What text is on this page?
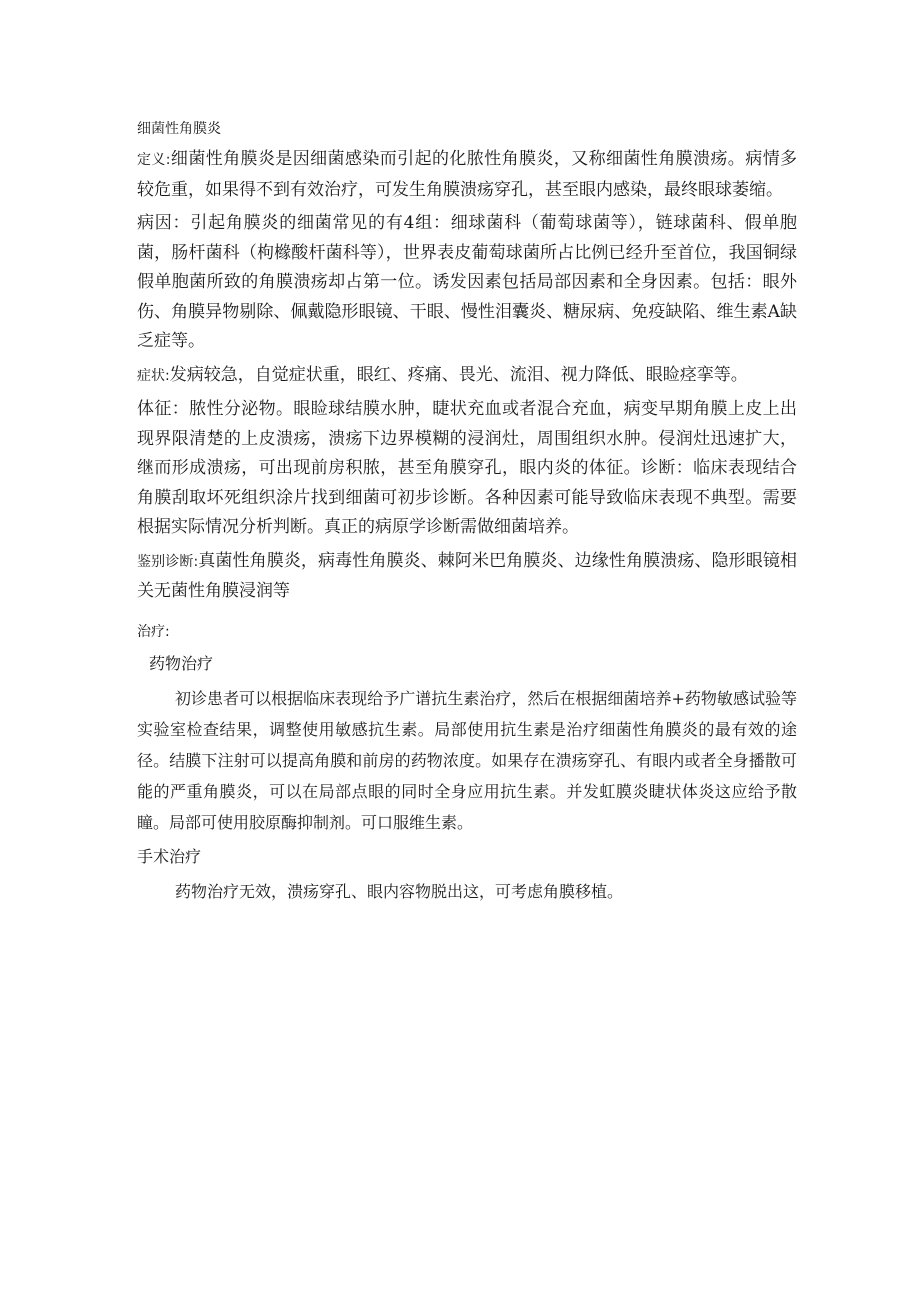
细菌性角膜炎

定义:细菌性角膜炎是因细菌感染而引起的化脓性角膜炎，又称细菌性角膜溃疡。病情多较危重，如果得不到有效治疗，可发生角膜溃疡穿孔，甚至眼内感染，最终眼球萎缩。

病因：引起角膜炎的细菌常见的有4组：细球菌科（葡萄球菌等），链球菌科、假单胞菌，肠杆菌科（枸橼酸杆菌科等），世界表皮葡萄球菌所占比例已经升至首位，我国铜绿假单胞菌所致的角膜溃疡却占第一位。诱发因素包括局部因素和全身因素。包括：眼外伤、角膜异物剔除、佩戴隐形眼镜、干眼、慢性泪囊炎、糖尿病、免疫缺陷、维生素A缺乏症等。

症状:发病较急，自觉症状重，眼红、疼痛、畏光、流泪、视力降低、眼睑痉挛等。

体征：脓性分泌物。眼睑球结膜水肿，睫状充血或者混合充血，病变早期角膜上皮上出现界限清楚的上皮溃疡，溃疡下边界模糊的浸润灶，周围组织水肿。侵润灶迅速扩大，继而形成溃疡，可出现前房积脓，甚至角膜穿孔，眼内炎的体征。诊断：临床表现结合角膜刮取坏死组织涂片找到细菌可初步诊断。各种因素可能导致临床表现不典型。需要根据实际情况分析判断。真正的病原学诊断需做细菌培养。

鉴别诊断:真菌性角膜炎，病毒性角膜炎、棘阿米巴角膜炎、边缘性角膜溃疡、隐形眼镜相关无菌性角膜浸润等

治疗:
药物治疗

初诊患者可以根据临床表现给予广谱抗生素治疗，然后在根据细菌培养+药物敏感试验等实验室检查结果，调整使用敏感抗生素。局部使用抗生素是治疗细菌性角膜炎的最有效的途径。结膜下注射可以提高角膜和前房的药物浓度。如果存在溃疡穿孔、有眼内或者全身播散可能的严重角膜炎，可以在局部点眼的同时全身应用抗生素。并发虹膜炎睫状体炎这应给予散瞳。局部可使用胶原酶抑制剂。可口服维生素。

手术治疗

药物治疗无效，溃疡穿孔、眼内容物脱出这，可考虑角膜移植。
